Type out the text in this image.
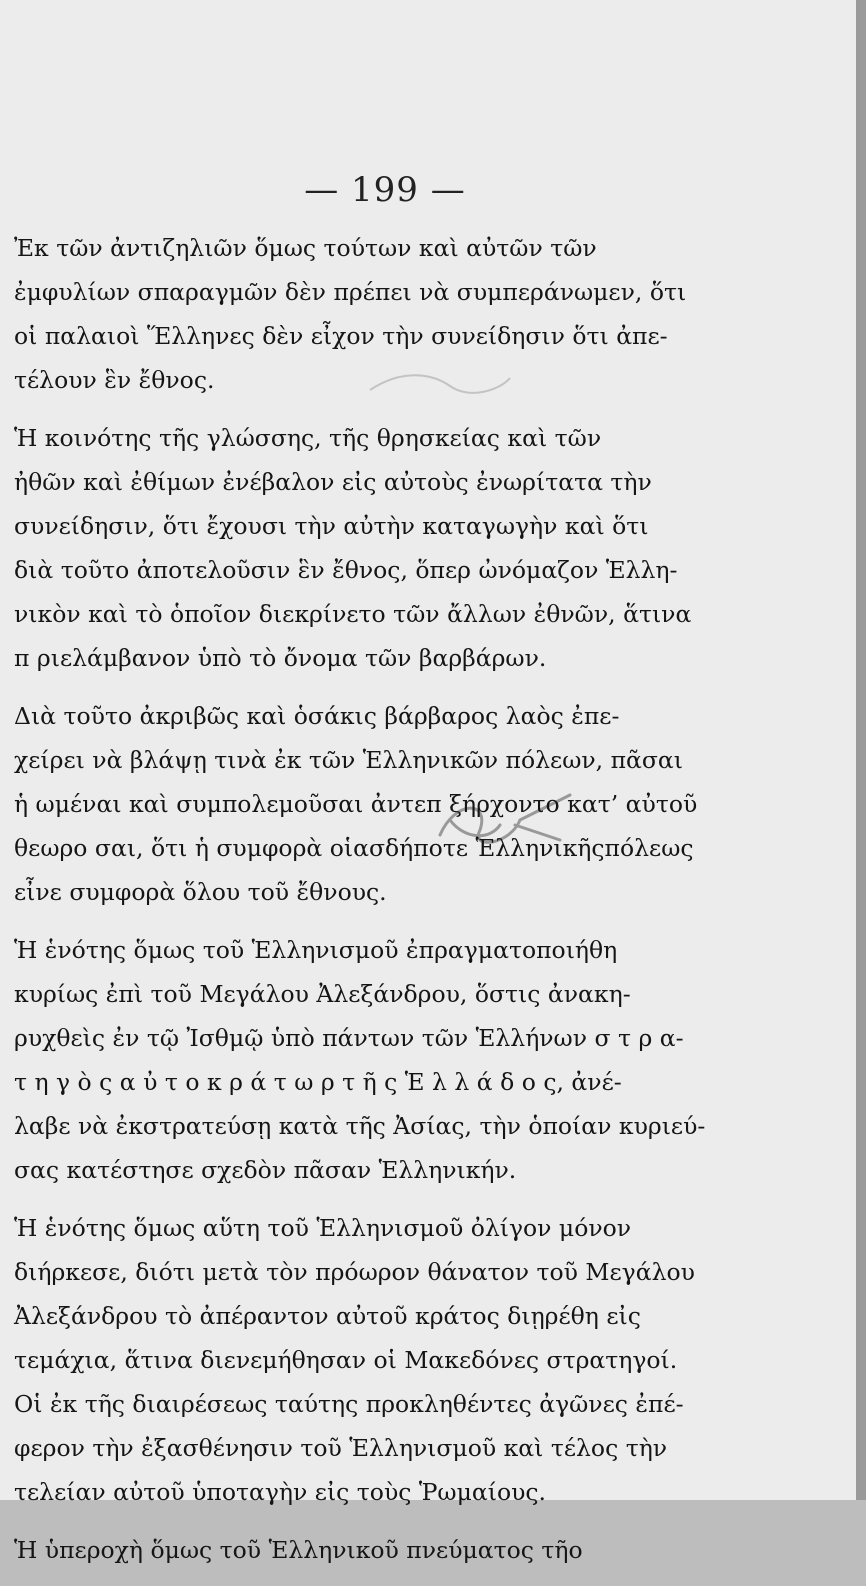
— 199 —
Ἐκ τῶν ἀντιζηλιῶν ὅμως τούτων καὶ αὐτῶν τῶν
ἐμφυλίων σπαραγμῶν δὲν πρέπει νὰ συμπεράνωμεν, ὅτι
οἱ παλαιοὶ Ἕλληνες δὲν εἶχον τὴν συνείδησιν ὅτι ἀπε-
τέλουν ἓν ἔθνος.
Ἡ κοινότης τῆς γλώσσης, τῆς θρησκείας καὶ τῶν
ἠθῶν καὶ ἐθίμων ἐνέβαλον εἰς αὐτοὺς ἐνωρίτατα τὴν
συνείδησιν, ὅτι ἔχουσι τὴν αὐτὴν καταγωγὴν καὶ ὅτι
διὰ τοῦτο ἀποτελοῦσιν ἓν ἔθνος, ὅπερ ὠνόμαζον Ἑλλη-
νικὸν καὶ τὸ ὁποῖον διεκρίνετο τῶν ἄλλων ἐθνῶν, ἅτινα
π ριελάμβανον ὑπὸ τὸ ὄνομα τῶν βαρβάρων.
Διὰ τοῦτο ἀκριβῶς καὶ ὁσάκις βάρβαρος λαὸς ἐπε-
χείρει νὰ βλάψῃ τινὰ ἐκ τῶν Ἑλληνικῶν πόλεων, πᾶσαι
ἡ ωμέναι καὶ συμπολεμοῦσαι ἀντεπ ξήρχοντο κατ’ αὐτοῦ
θεωρο σαι, ὅτι ἡ συμφορὰ οἱασδήποτε Ἑλληνικῆςπόλεως
εἶνε συμφορὰ ὅλου τοῦ ἔθνους.
Ἡ ἑνότης ὅμως τοῦ Ἑλληνισμοῦ ἐπραγματοποιήθη
κυρίως ἐπὶ τοῦ Μεγάλου Ἀλεξάνδρου, ὅστις ἀνακη-
ρυχθεὶς ἐν τῷ Ἰσθμῷ ὑπὸ πάντων τῶν Ἑλλήνων σ τ ρ α-
τ η γ ὸ ς α ὐ τ ο κ ρ ά τ ω ρ τ ῆ ς Ἑ λ λ ά δ ο ς, ἀνέ-
λαβε νὰ ἐκστρατεύσῃ κατὰ τῆς Ἀσίας, τὴν ὁποίαν κυριεύ-
σας κατέστησε σχεδὸν πᾶσαν Ἑλληνικήν.
Ἡ ἑνότης ὅμως αὕτη τοῦ Ἑλληνισμοῦ ὀλίγον μόνον
διήρκεσε, διότι μετὰ τὸν πρόωρον θάνατον τοῦ Μεγάλου
Ἀλεξάνδρου τὸ ἀπέραντον αὐτοῦ κράτος διῃρέθη εἰς
τεμάχια, ἅτινα διενεμήθησαν οἱ Μακεδόνες στρατηγοί.
Οἱ ἐκ τῆς διαιρέσεως ταύτης προκληθέντες ἀγῶνες ἐπέ-
φερον τὴν ἐξασθένησιν τοῦ Ἑλληνισμοῦ καὶ τέλος τὴν
τελείαν αὐτοῦ ὑποταγὴν εἰς τοὺς Ῥωμαίους.
Ἡ ὑπεροχὴ ὅμως τοῦ Ἑλληνικοῦ πνεύματος τῆο
